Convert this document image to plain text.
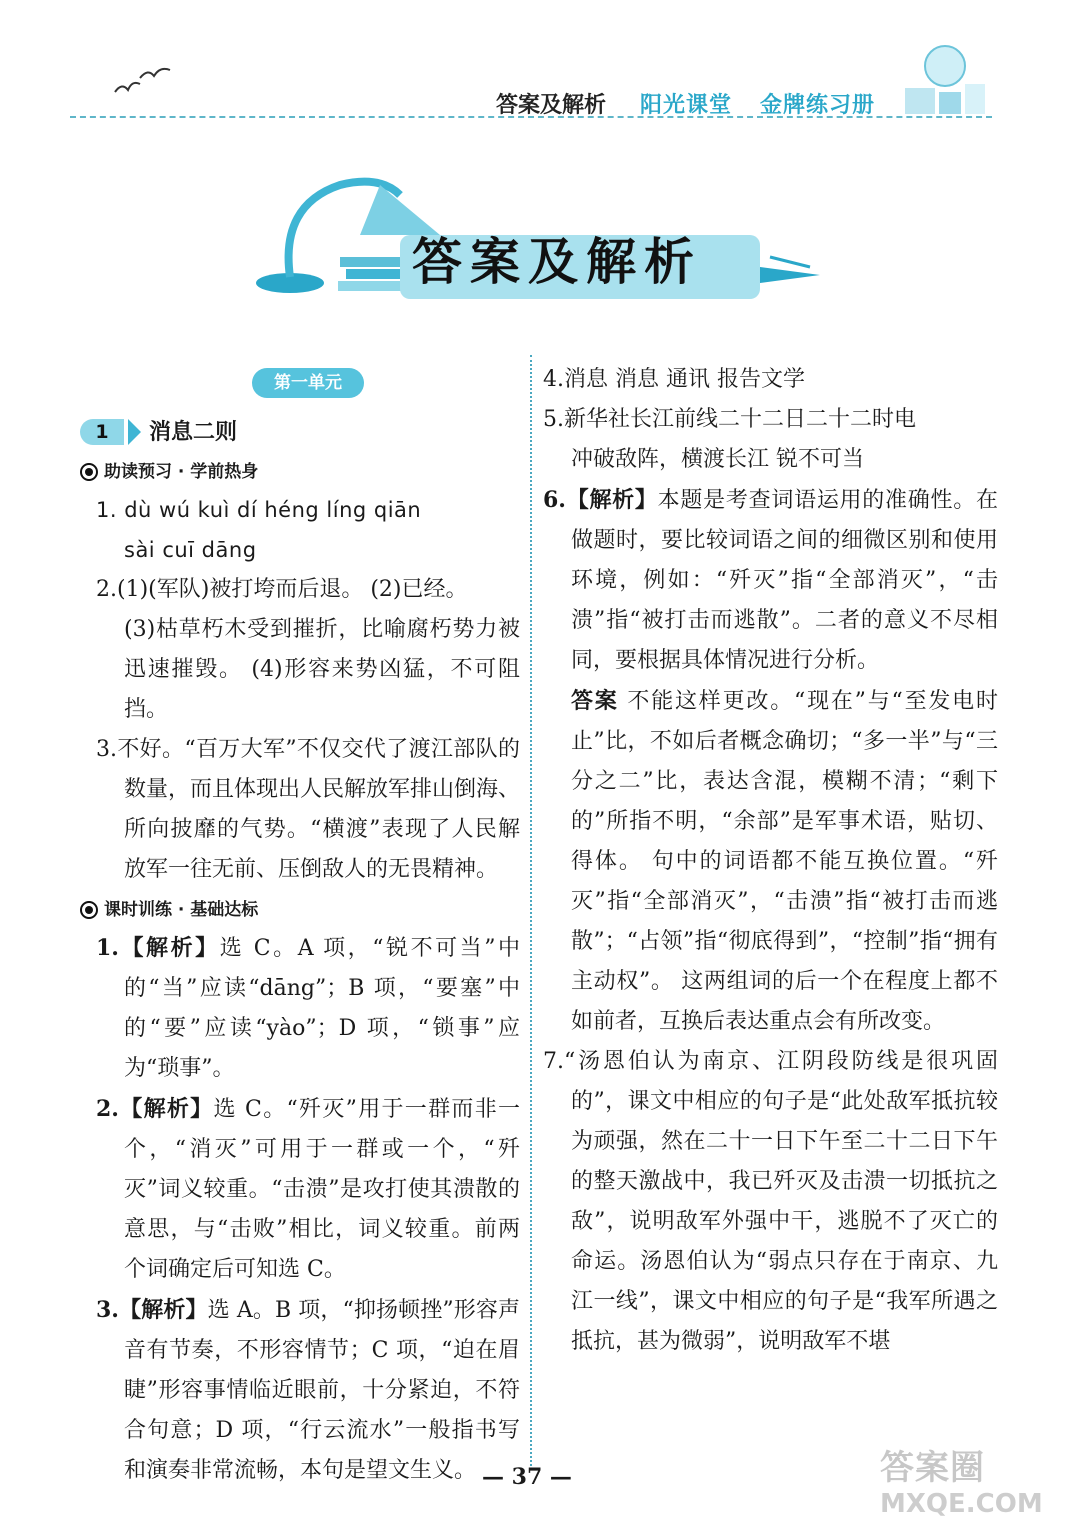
答案及解析 阳光课堂 金牌练习册
答案及解析
第一单元
1	消息二则
助读预习 · 学前热身

1. dù wú kuì dí héng líng qiān

sài cuī dāng

2.(1)(军队)被打垮而后退。 (2)已经。

(3)枯草朽木受到摧折，比喻腐朽势力被迅速摧毁。 (4)形容来势凶猛，不可阻挡。

3.不好。“百万大军”不仅交代了渡江部队的数量，而且体现出人民解放军排山倒海、所向披靡的气势。“横渡”表现了人民解放军一往无前、压倒敌人的无畏精神。

课时训练 · 基础达标

1.【解析】选 C。A 项，“锐不可当”中的“当”应读“dāng”；B 项，“要塞”中的“要”应读“yào”；D 项，“锁事”应为“琐事”。

2.【解析】选 C。“歼灭”用于一群而非一个，“消灭”可用于一群或一个，“歼灭”词义较重。“击溃”是攻打使其溃散的意思，与“击败”相比，词义较重。前两个词确定后可知选 C。

3.【解析】选 A。B 项，“抑扬顿挫”形容声音有节奏，不形容情节；C 项，“迫在眉睫”形容事情临近眼前，十分紧迫，不符合句意；D 项，“行云流水”一般指书写和演奏非常流畅，本句是望文生义。

4.消息 消息 通讯 报告文学

5.新华社长江前线二十二日二十二时电

冲破敌阵，横渡长江 锐不可当

6.【解析】本题是考查词语运用的准确性。在做题时，要比较词语之间的细微区别和使用环境，例如：“歼灭”指“全部消灭”，“击溃”指“被打击而逃散”。二者的意义不尽相同，要根据具体情况进行分析。

答案 不能这样更改。“现在”与“至发电时止”比，不如后者概念确切；“多一半”与“三分之二”比，表达含混，模糊不清；“剩下的”所指不明，“余部”是军事术语，贴切、得体。 句中的词语都不能互换位置。“歼灭”指“全部消灭”，“击溃”指“被打击而逃散”；“占领”指“彻底得到”，“控制”指“拥有主动权”。 这两组词的后一个在程度上都不如前者，互换后表达重点会有所改变。

7.“汤恩伯认为南京、江阴段防线是很巩固的”，课文中相应的句子是“此处敌军抵抗较为顽强，然在二十一日下午至二十二日下午的整天激战中，我已歼灭及击溃一切抵抗之敌”，说明敌军外强中干，逃脱不了灭亡的命运。汤恩伯认为“弱点只存在于南京、九江一线”，课文中相应的句子是“我军所遇之抵抗，甚为微弱”，说明敌军不堪

— 37 —	答案圈
MXQE.COM
